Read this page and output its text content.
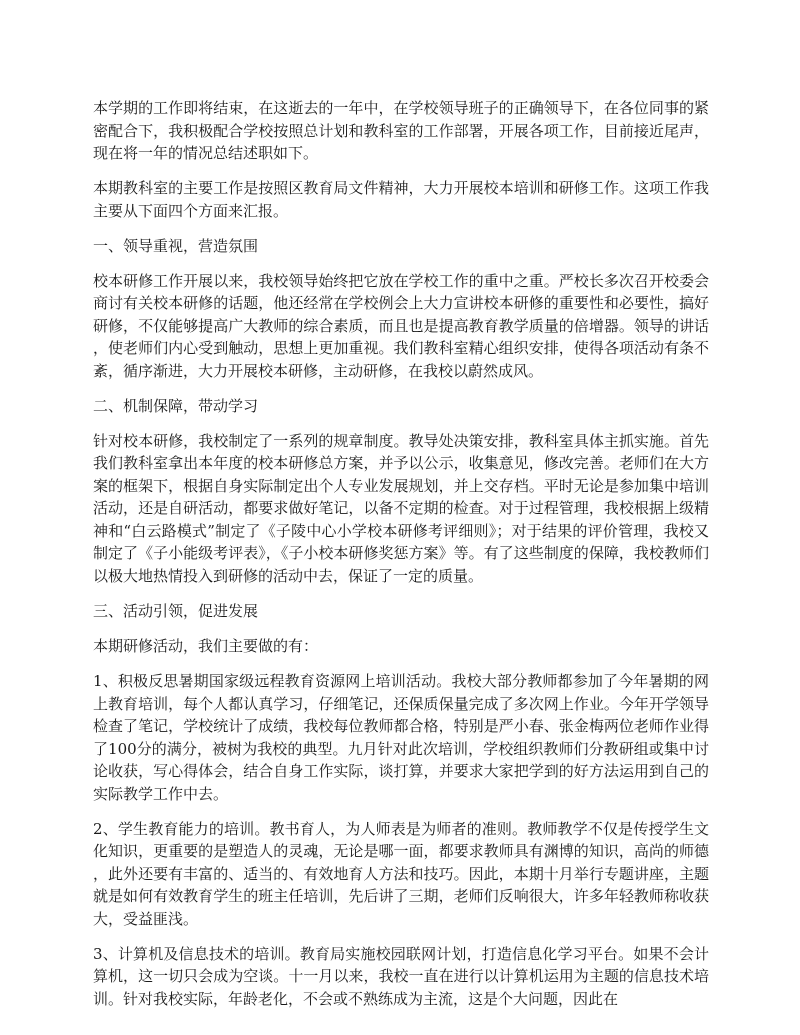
本学期的工作即将结束，在这逝去的一年中，在学校领导班子的正确领导下，在各位同事的紧密配合下，我积极配合学校按照总计划和教科室的工作部署，开展各项工作，目前接近尾声，现在将一年的情况总结述职如下。

本期教科室的主要工作是按照区教育局文件精神，大力开展校本培训和研修工作。这项工作我主要从下面四个方面来汇报。

一、领导重视，营造氛围

校本研修工作开展以来，我校领导始终把它放在学校工作的重中之重。严校长多次召开校委会商讨有关校本研修的话题，他还经常在学校例会上大力宣讲校本研修的重要性和必要性，搞好研修，不仅能够提高广大教师的综合素质，而且也是提高教育教学质量的倍增器。领导的讲话，使老师们内心受到触动，思想上更加重视。我们教科室精心组织安排，使得各项活动有条不紊，循序渐进，大力开展校本研修，主动研修，在我校以蔚然成风。

二、机制保障，带动学习

针对校本研修，我校制定了一系列的规章制度。教导处决策安排，教科室具体主抓实施。首先我们教科室拿出本年度的校本研修总方案，并予以公示，收集意见，修改完善。老师们在大方案的框架下，根据自身实际制定出个人专业发展规划，并上交存档。平时无论是参加集中培训活动，还是自研活动，都要求做好笔记，以备不定期的检查。对于过程管理，我校根据上级精神和“白云路模式”制定了《子陵中心小学校本研修考评细则》；对于结果的评价管理，我校又制定了《子小能级考评表》，《子小校本研修奖惩方案》等。有了这些制度的保障，我校教师们以极大地热情投入到研修的活动中去，保证了一定的质量。

三、活动引领，促进发展

本期研修活动，我们主要做的有：

1、积极反思暑期国家级远程教育资源网上培训活动。我校大部分教师都参加了今年暑期的网上教育培训，每个人都认真学习，仔细笔记，还保质保量完成了多次网上作业。今年开学领导检查了笔记，学校统计了成绩，我校每位教师都合格，特别是严小春、张金梅两位老师作业得了100分的满分，被树为我校的典型。九月针对此次培训，学校组织教师们分教研组或集中讨论收获，写心得体会，结合自身工作实际，谈打算，并要求大家把学到的好方法运用到自己的实际教学工作中去。

2、学生教育能力的培训。教书育人，为人师表是为师者的准则。教师教学不仅是传授学生文化知识，更重要的是塑造人的灵魂，无论是哪一面，都要求教师具有渊博的知识，高尚的师德，此外还要有丰富的、适当的、有效地育人方法和技巧。因此，本期十月举行专题讲座，主题就是如何有效教育学生的班主任培训，先后讲了三期，老师们反响很大，许多年轻教师称收获大，受益匪浅。

3、计算机及信息技术的培训。教育局实施校园联网计划，打造信息化学习平台。如果不会计算机，这一切只会成为空谈。十一月以来，我校一直在进行以计算机运用为主题的信息技术培训。针对我校实际，年龄老化，不会或不熟练成为主流，这是个大问题，因此在
